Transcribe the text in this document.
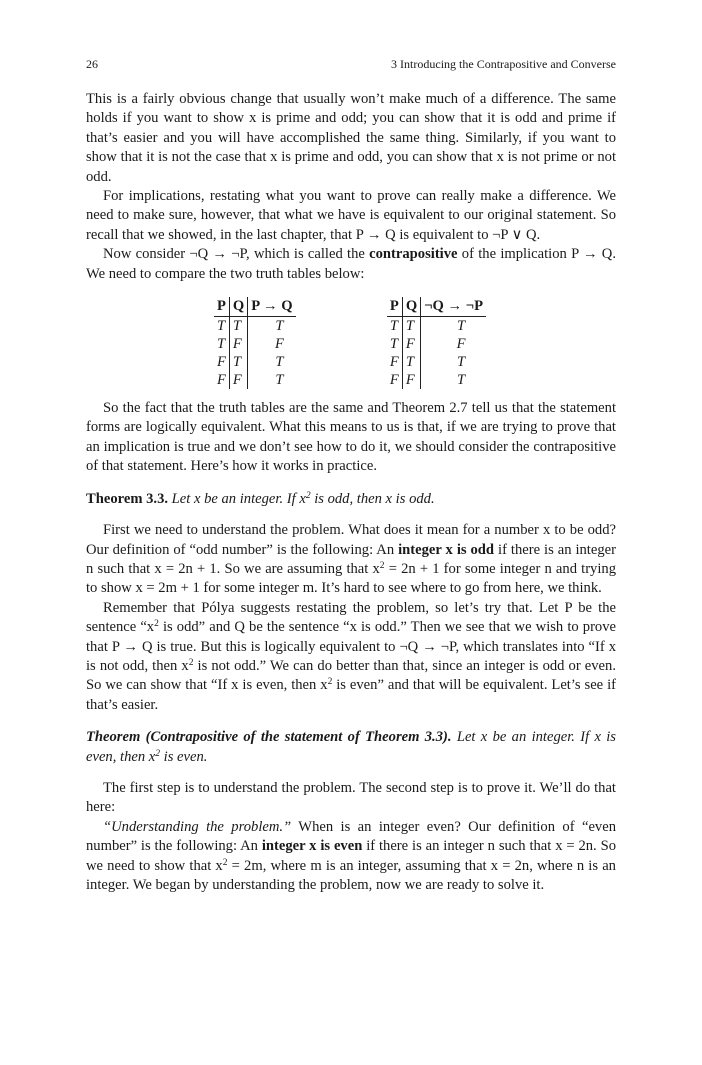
26	3 Introducing the Contrapositive and Converse

This is a fairly obvious change that usually won’t make much of a difference. The same holds if you want to show x is prime and odd; you can show that it is odd and prime if that’s easier and you will have accomplished the same thing. Similarly, if you want to show that it is not the case that x is prime and odd, you can show that x is not prime or not odd.

For implications, restating what you want to prove can really make a difference. We need to make sure, however, that what we have is equivalent to our original statement. So recall that we showed, in the last chapter, that P → Q is equivalent to ¬P ∨ Q.

Now consider ¬Q → ¬P, which is called the contrapositive of the implication P → Q. We need to compare the two truth tables below:

P	Q	P → Q
T	T	T
T	F	F
F	T	T
F	F	T
P	Q	¬Q → ¬P
T	T	T
T	F	F
F	T	T
F	F	T

So the fact that the truth tables are the same and Theorem 2.7 tell us that the statement forms are logically equivalent. What this means to us is that, if we are trying to prove that an implication is true and we don’t see how to do it, we should consider the contrapositive of that statement. Here’s how it works in practice.

Theorem 3.3. Let x be an integer. If $x^2$ is odd, then x is odd.

First we need to understand the problem. What does it mean for a number x to be odd? Our definition of “odd number” is the following: An integer x is odd if there is an integer n such that x = 2n + 1. So we are assuming that $x^2 = 2n + 1$ for some integer n and trying to show x = 2m + 1 for some integer m. It’s hard to see where to go from here, we think.

Remember that Pólya suggests restating the problem, so let’s try that. Let P be the sentence “$x^2$ is odd” and Q be the sentence “x is odd.” Then we see that we wish to prove that P → Q is true. But this is logically equivalent to ¬Q → ¬P, which translates into “If x is not odd, then $x^2$ is not odd.” We can do better than that, since an integer is odd or even. So we can show that “If x is even, then $x^2$ is even” and that will be equivalent. Let’s see if that’s easier.

Theorem (Contrapositive of the statement of Theorem 3.3). Let x be an integer. If x is even, then $x^2$ is even.

The first step is to understand the problem. The second step is to prove it. We’ll do that here:

“Understanding the problem.” When is an integer even? Our definition of “even number” is the following: An integer x is even if there is an integer n such that x = 2n. So we need to show that $x^2 = 2m$, where m is an integer, assuming that x = 2n, where n is an integer. We began by understanding the problem, now we are ready to solve it.
